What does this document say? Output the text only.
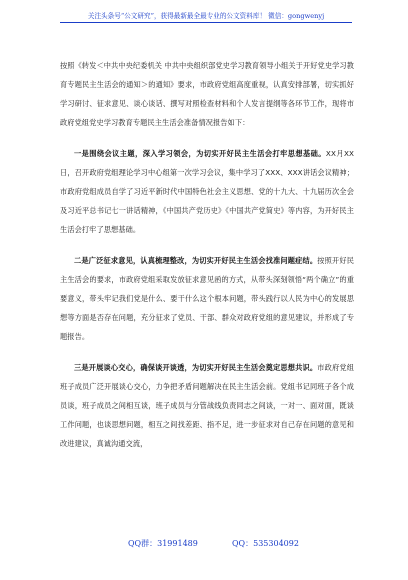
关注头条号“公文研究”，获得最新最全最专业的公文资料库！ 微信：gongwenyj

按照《转发＜中共中央纪委机关 中共中央组织部党史学习教育领导小组关于开好党史学习教育专题民主生活会的通知＞的通知》要求，市政府党组高度重视，认真安排部署，切实抓好学习研讨、征求意见、谈心谈话、撰写对照检查材料和个人发言提纲等各环节工作，现将市政府党组党史学习教育专题民主生活会准备情况报告如下：

一是围绕会议主题，深入学习领会，为切实开好民主生活会打牢思想基础。XX月XX日，召开政府党组理论学习中心组第一次学习会议，集中学习了XXX、XXX讲话会议精神；市政府党组成员自学了习近平新时代中国特色社会主义思想、党的十九大、十九届历次全会及习近平总书记七一讲话精神，《中国共产党历史》《中国共产党简史》等内容，为开好民主生活会打牢了思想基础。

二是广泛征求意见，认真梳理整改，为切实开好民主生活会找准问题症结。按照开好民主生活会的要求，市政府党组采取发放征求意见函的方式，从带头深刻领悟“两个确立”的重要意义，带头牢记我们党是什么、要干什么这个根本问题，带头践行以人民为中心的发展思想等方面是否存在问题，充分征求了党员、干部、群众对政府党组的意见建议，并形成了专题报告。

三是开展谈心交心，确保谈开谈透，为切实开好民主生活会奠定思想共识。市政府党组班子成员广泛开展谈心交心，力争把矛盾问题解决在民主生活会前。党组书记同班子各个成员谈，班子成员之间相互谈，班子成员与分管战线负责同志之间谈，一对一、面对面，既谈工作问题，也谈思想问题，相互之间找差距、指不足，进一步征求对自己存在问题的意见和改进建议，真诚沟通交流，

QQ群：31991489	QQ：535304092
